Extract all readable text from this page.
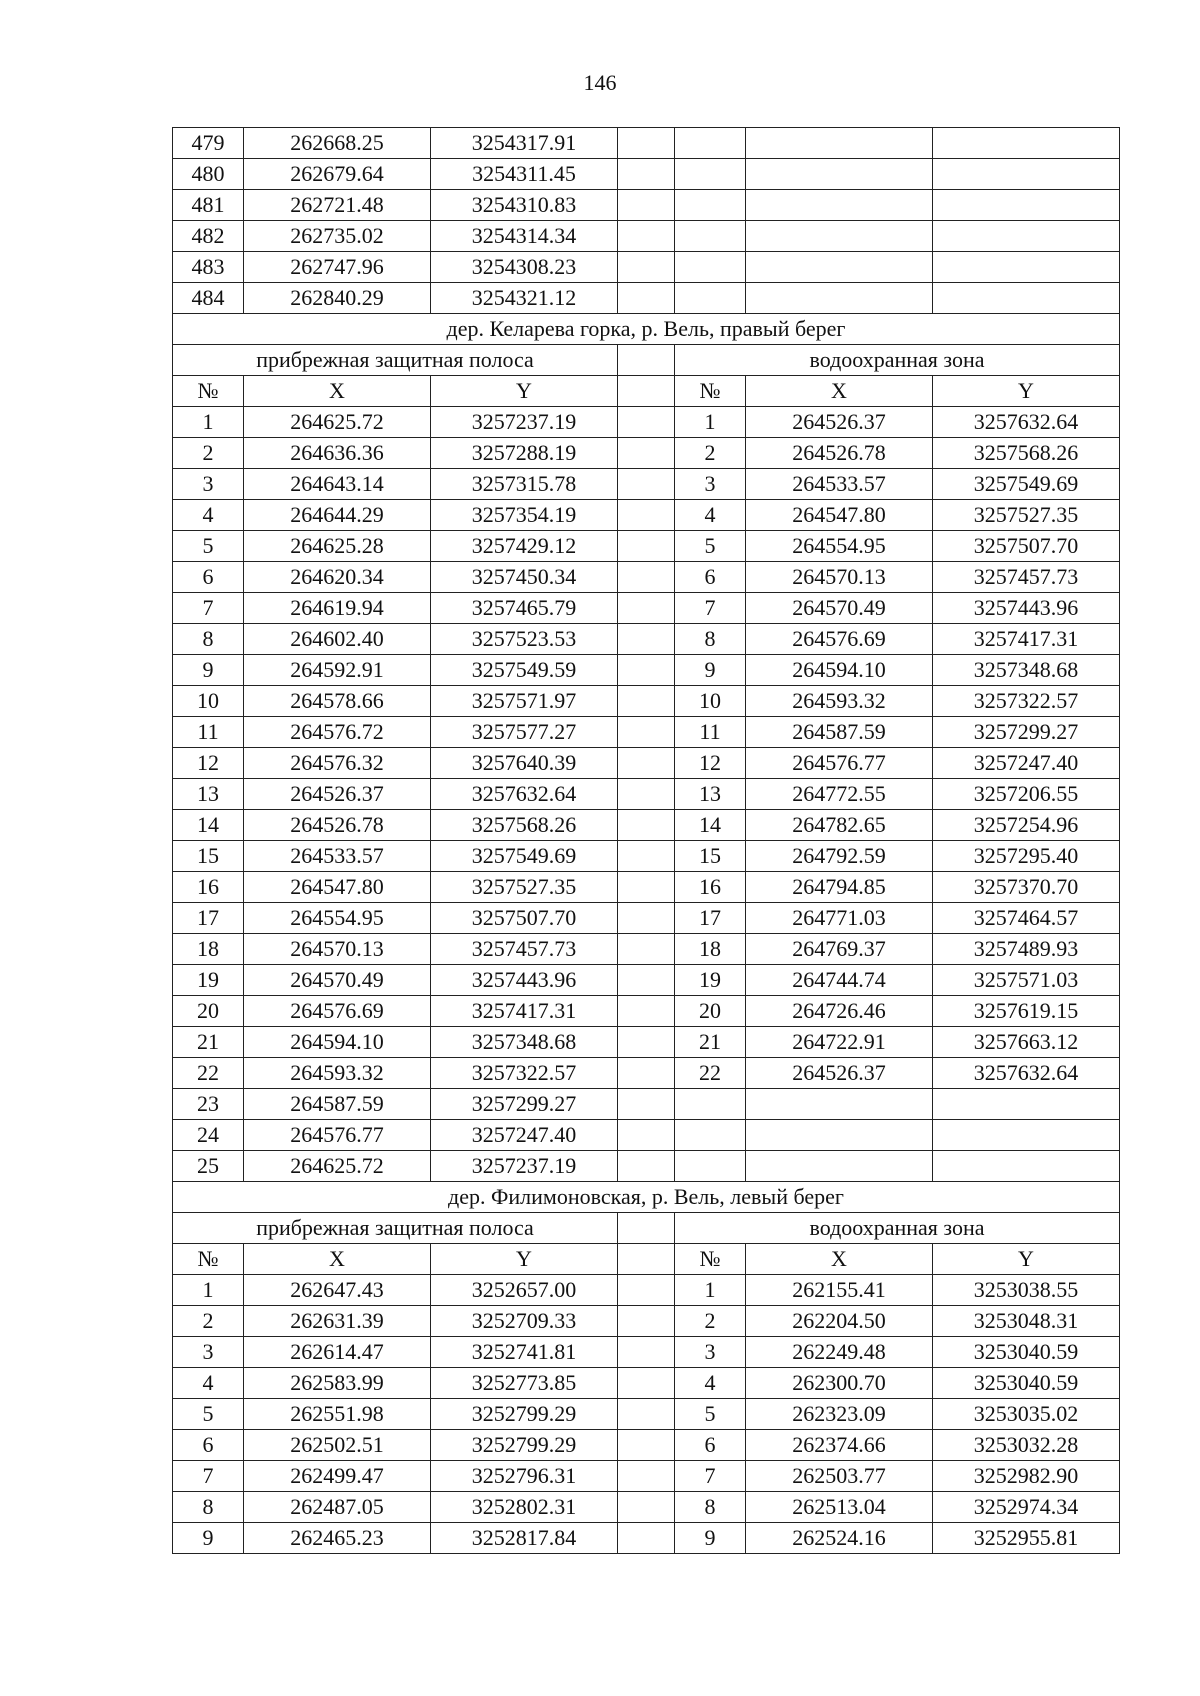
146
479	262668.25	3254317.91				
480	262679.64	3254311.45				
481	262721.48	3254310.83				
482	262735.02	3254314.34				
483	262747.96	3254308.23				
484	262840.29	3254321.12				
дер. Келарева горка, р. Вель, правый берег						
прибрежная защитная полоса				водоохранная зона		
№	X	Y		№	X	Y
1	264625.72	3257237.19		1	264526.37	3257632.64
2	264636.36	3257288.19		2	264526.78	3257568.26
3	264643.14	3257315.78		3	264533.57	3257549.69
4	264644.29	3257354.19		4	264547.80	3257527.35
5	264625.28	3257429.12		5	264554.95	3257507.70
6	264620.34	3257450.34		6	264570.13	3257457.73
7	264619.94	3257465.79		7	264570.49	3257443.96
8	264602.40	3257523.53		8	264576.69	3257417.31
9	264592.91	3257549.59		9	264594.10	3257348.68
10	264578.66	3257571.97		10	264593.32	3257322.57
11	264576.72	3257577.27		11	264587.59	3257299.27
12	264576.32	3257640.39		12	264576.77	3257247.40
13	264526.37	3257632.64		13	264772.55	3257206.55
14	264526.78	3257568.26		14	264782.65	3257254.96
15	264533.57	3257549.69		15	264792.59	3257295.40
16	264547.80	3257527.35		16	264794.85	3257370.70
17	264554.95	3257507.70		17	264771.03	3257464.57
18	264570.13	3257457.73		18	264769.37	3257489.93
19	264570.49	3257443.96		19	264744.74	3257571.03
20	264576.69	3257417.31		20	264726.46	3257619.15
21	264594.10	3257348.68		21	264722.91	3257663.12
22	264593.32	3257322.57		22	264526.37	3257632.64
23	264587.59	3257299.27				
24	264576.77	3257247.40				
25	264625.72	3257237.19				
дер. Филимоновская, р. Вель, левый берег						
прибрежная защитная полоса				водоохранная зона		
№	X	Y		№	X	Y
1	262647.43	3252657.00		1	262155.41	3253038.55
2	262631.39	3252709.33		2	262204.50	3253048.31
3	262614.47	3252741.81		3	262249.48	3253040.59
4	262583.99	3252773.85		4	262300.70	3253040.59
5	262551.98	3252799.29		5	262323.09	3253035.02
6	262502.51	3252799.29		6	262374.66	3253032.28
7	262499.47	3252796.31		7	262503.77	3252982.90
8	262487.05	3252802.31		8	262513.04	3252974.34
9	262465.23	3252817.84		9	262524.16	3252955.81
